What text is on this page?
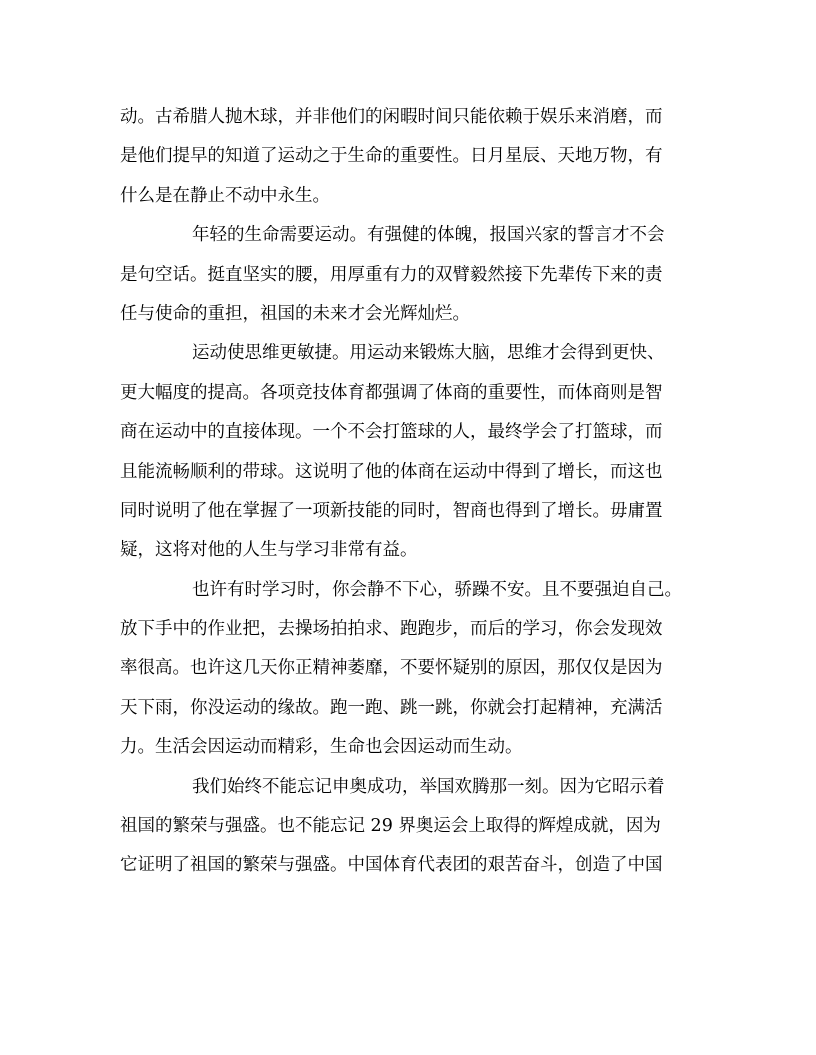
动。古希腊人抛木球，并非他们的闲暇时间只能依赖于娱乐来消磨，而
是他们提早的知道了运动之于生命的重要性。日月星辰、天地万物，有
什么是在静止不动中永生。
年轻的生命需要运动。有强健的体魄，报国兴家的誓言才不会
是句空话。挺直坚实的腰，用厚重有力的双臂毅然接下先辈传下来的责
任与使命的重担，祖国的未来才会光辉灿烂。
运动使思维更敏捷。用运动来锻炼大脑，思维才会得到更快、
更大幅度的提高。各项竞技体育都强调了体商的重要性，而体商则是智
商在运动中的直接体现。一个不会打篮球的人，最终学会了打篮球，而
且能流畅顺利的带球。这说明了他的体商在运动中得到了增长，而这也
同时说明了他在掌握了一项新技能的同时，智商也得到了增长。毋庸置
疑，这将对他的人生与学习非常有益。
也许有时学习时，你会静不下心，骄躁不安。且不要强迫自己。
放下手中的作业把，去操场拍拍求、跑跑步，而后的学习，你会发现效
率很高。也许这几天你正精神萎靡，不要怀疑别的原因，那仅仅是因为
天下雨，你没运动的缘故。跑一跑、跳一跳，你就会打起精神，充满活
力。生活会因运动而精彩，生命也会因运动而生动。
我们始终不能忘记申奥成功，举国欢腾那一刻。因为它昭示着
祖国的繁荣与强盛。也不能忘记 29 界奥运会上取得的辉煌成就，因为
它证明了祖国的繁荣与强盛。中国体育代表团的艰苦奋斗，创造了中国
